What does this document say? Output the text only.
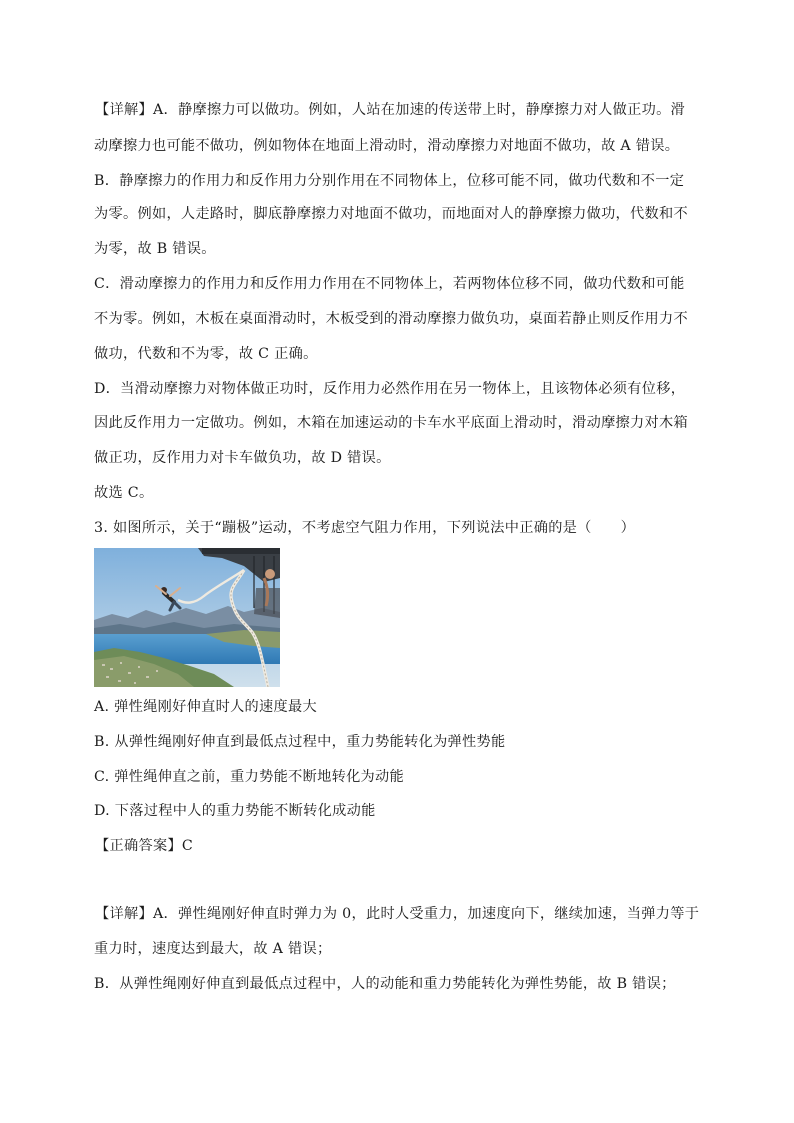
【详解】A．静摩擦力可以做功。例如，人站在加速的传送带上时，静摩擦力对人做正功。滑
动摩擦力也可能不做功，例如物体在地面上滑动时，滑动摩擦力对地面不做功，故 A 错误。
B．静摩擦力的作用力和反作用力分别作用在不同物体上，位移可能不同，做功代数和不一定
为零。例如，人走路时，脚底静摩擦力对地面不做功，而地面对人的静摩擦力做功，代数和不
为零，故 B 错误。
C．滑动摩擦力的作用力和反作用力作用在不同物体上，若两物体位移不同，做功代数和可能
不为零。例如，木板在桌面滑动时，木板受到的滑动摩擦力做负功，桌面若静止则反作用力不
做功，代数和不为零，故 C 正确。
D．当滑动摩擦力对物体做正功时，反作用力必然作用在另一物体上，且该物体必须有位移，
因此反作用力一定做功。例如，木箱在加速运动的卡车水平底面上滑动时，滑动摩擦力对木箱
做正功，反作用力对卡车做负功，故 D 错误。
故选 C。
3. 如图所示，关于“蹦极”运动，不考虑空气阻力作用，下列说法中正确的是（　　）
A. 弹性绳刚好伸直时人的速度最大
B. 从弹性绳刚好伸直到最低点过程中，重力势能转化为弹性势能
C. 弹性绳伸直之前，重力势能不断地转化为动能
D. 下落过程中人的重力势能不断转化成动能
【正确答案】C
【详解】A．弹性绳刚好伸直时弹力为 0，此时人受重力，加速度向下，继续加速，当弹力等于
重力时，速度达到最大，故 A 错误；
B．从弹性绳刚好伸直到最低点过程中，人的动能和重力势能转化为弹性势能，故 B 错误；
